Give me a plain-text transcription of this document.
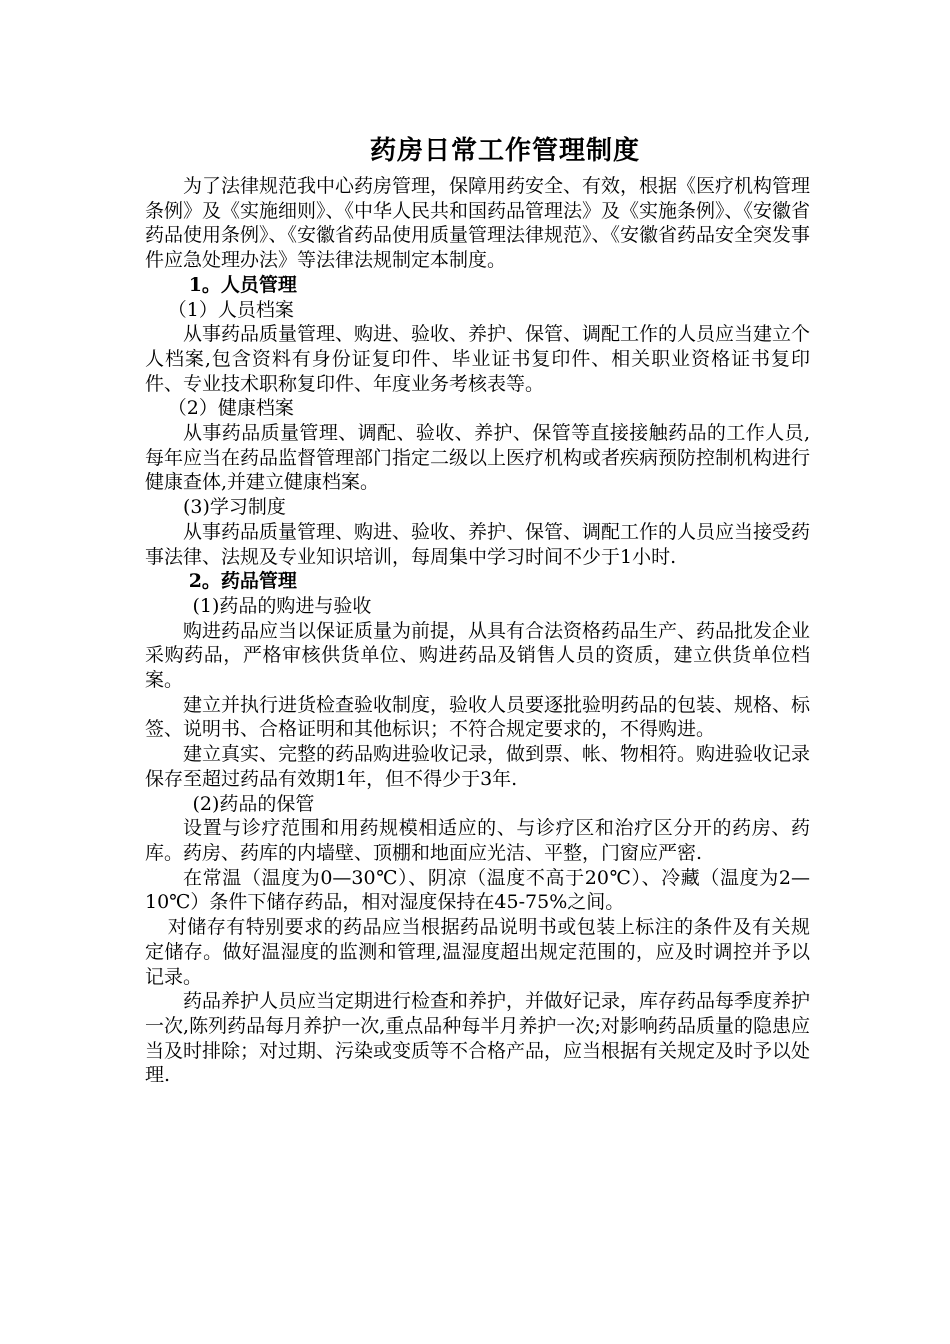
药房日常工作管理制度

为了法律规范我中心药房管理，保障用药安全、有效，根据《医疗机构管理条例》及《实施细则》、《中华人民共和国药品管理法》及《实施条例》、《安徽省药品使用条例》、《安徽省药品使用质量管理法律规范》、《安徽省药品安全突发事件应急处理办法》等法律法规制定本制度。

1。人员管理

（1）人员档案

从事药品质量管理、购进、验收、养护、保管、调配工作的人员应当建立个人档案,包含资料有身份证复印件、毕业证书复印件、相关职业资格证书复印件、专业技术职称复印件、年度业务考核表等。

（2）健康档案

从事药品质量管理、调配、验收、养护、保管等直接接触药品的工作人员,每年应当在药品监督管理部门指定二级以上医疗机构或者疾病预防控制机构进行健康查体,并建立健康档案。

(3)学习制度

从事药品质量管理、购进、验收、养护、保管、调配工作的人员应当接受药事法律、法规及专业知识培训，每周集中学习时间不少于1小时.

2。药品管理

(1)药品的购进与验收

购进药品应当以保证质量为前提，从具有合法资格药品生产、药品批发企业采购药品，严格审核供货单位、购进药品及销售人员的资质，建立供货单位档案。

建立并执行进货检查验收制度，验收人员要逐批验明药品的包装、规格、标签、说明书、合格证明和其他标识；不符合规定要求的，不得购进。

建立真实、完整的药品购进验收记录，做到票、帐、物相符。购进验收记录保存至超过药品有效期1年，但不得少于3年.

(2)药品的保管

设置与诊疗范围和用药规模相适应的、与诊疗区和治疗区分开的药房、药库。药房、药库的内墙壁、顶棚和地面应光洁、平整，门窗应严密.

在常温（温度为0—30℃）、阴凉（温度不高于20℃）、冷藏（温度为2—10℃）条件下储存药品，相对湿度保持在45-75%之间。

对储存有特别要求的药品应当根据药品说明书或包装上标注的条件及有关规定储存。做好温湿度的监测和管理,温湿度超出规定范围的，应及时调控并予以记录。

药品养护人员应当定期进行检查和养护，并做好记录，库存药品每季度养护一次,陈列药品每月养护一次,重点品种每半月养护一次;对影响药品质量的隐患应当及时排除；对过期、污染或变质等不合格产品，应当根据有关规定及时予以处理.
